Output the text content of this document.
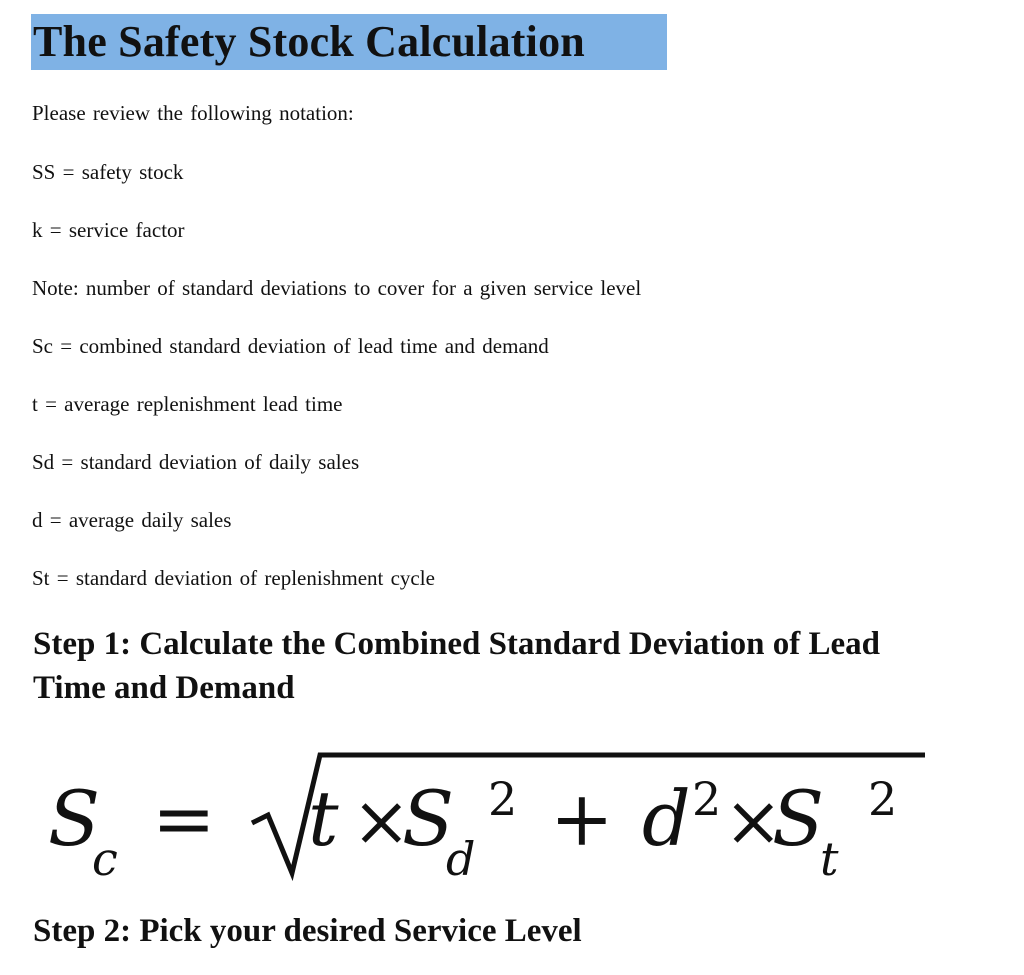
The Safety Stock Calculation
Please review the following notation:
SS = safety stock
k = service factor
Note: number of standard deviations to cover for a given service level
Sc = combined standard deviation of lead time and demand
t = average replenishment lead time
Sd = standard deviation of daily sales
d = average daily sales
St = standard deviation of replenishment cycle
Step 1: Calculate the Combined Standard Deviation of Lead
Time and Demand
S
c = t ×
S
d
2 + d 2 ×
S
t
2
Step 2: Pick your desired Service Level
